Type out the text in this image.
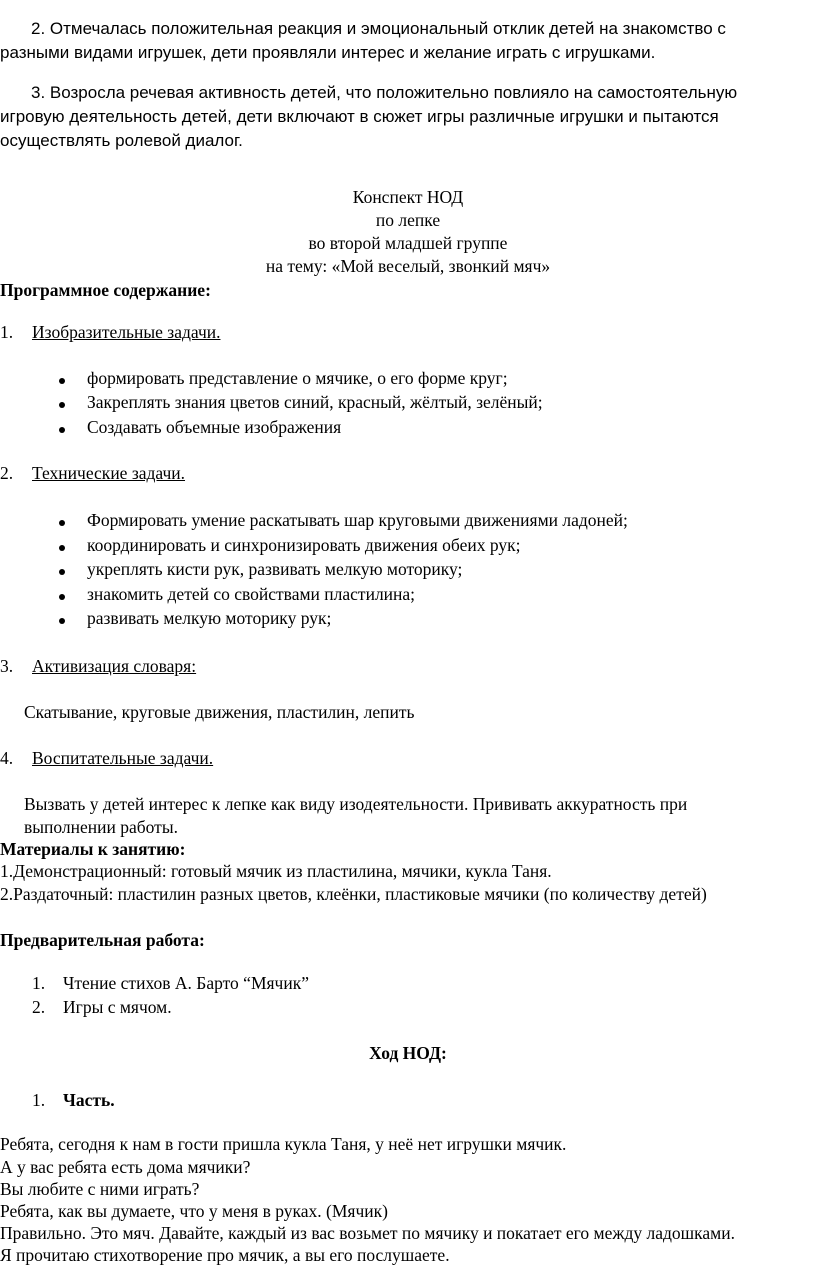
2. Отмечалась положительная реакция и эмоциональный отклик детей на знакомство с
разными видами игрушек, дети проявляли интерес и желание играть с игрушками.
3. Возросла речевая активность детей, что положительно повлияло на самостоятельную
игровую деятельность детей, дети включают в сюжет игры различные игрушки и пытаются
осуществлять ролевой диалог.
Конспект НОД
по лепке
во второй младшей группе
на тему: «Мой веселый, звонкий мяч»
Программное содержание:
1. Изобразительные задачи.
формировать представление о мячике, о его форме круг;
Закреплять знания цветов синий, красный, жёлтый, зелёный;
Создавать объемные изображения
2. Технические задачи.
Формировать умение раскатывать шар круговыми движениями ладоней;
координировать и синхронизировать движения обеих рук;
укреплять кисти рук, развивать мелкую моторику;
знакомить детей со свойствами пластилина;
развивать мелкую моторику рук;
3. Активизация словаря:
Скатывание, круговые движения, пластилин, лепить
4. Воспитательные задачи.
Вызвать у детей интерес к лепке как виду изодеятельности. Прививать аккуратность при
выполнении работы.
Материалы к занятию:
1.Демонстрационный: готовый мячик из пластилина, мячики, кукла Таня.
2.Раздаточный: пластилин разных цветов, клеёнки, пластиковые мячики (по количеству детей)
Предварительная работа:
1. Чтение стихов А. Барто “Мячик”
2. Игры с мячом.
Ход НОД:
1. Часть.
Ребята, сегодня к нам в гости пришла кукла Таня, у неё нет игрушки мячик.
А у вас ребята есть дома мячики?
Вы любите с ними играть?
Ребята, как вы думаете, что у меня в руках. (Мячик)
Правильно. Это мяч. Давайте, каждый из вас возьмет по мячику и покатает его между ладошками.
Я прочитаю стихотворение про мячик, а вы его послушаете.
